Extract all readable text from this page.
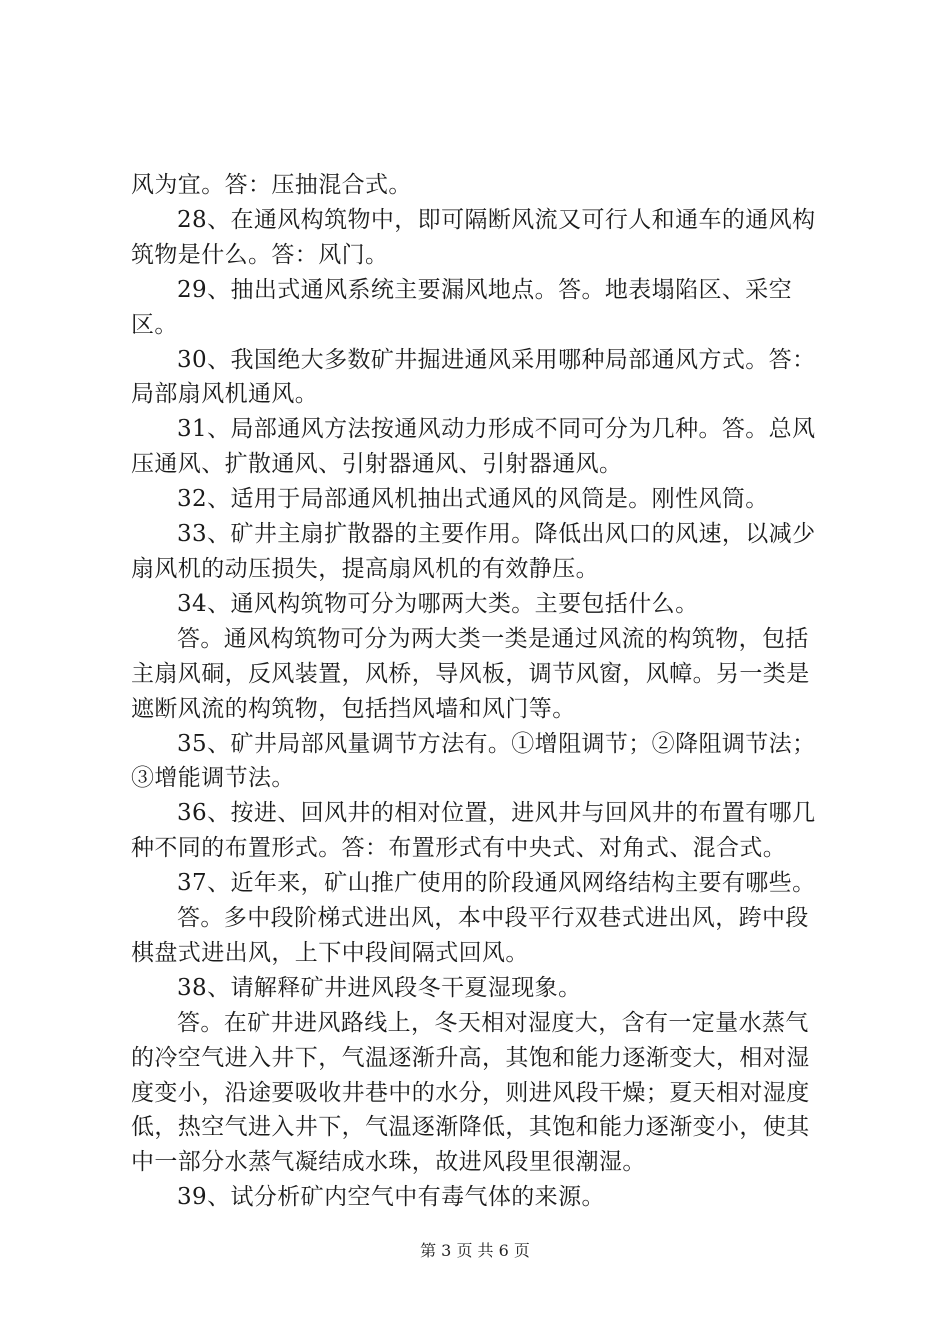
风为宜。答：压抽混合式。

28、在通风构筑物中，即可隔断风流又可行人和通车的通风构筑物是什么。答：风门。

29、抽出式通风系统主要漏风地点。答。地表塌陷区、采空区。

30、我国绝大多数矿井掘进通风采用哪种局部通风方式。答：局部扇风机通风。

31、局部通风方法按通风动力形成不同可分为几种。答。总风压通风、扩散通风、引射器通风、引射器通风。

32、适用于局部通风机抽出式通风的风筒是。刚性风筒。

33、矿井主扇扩散器的主要作用。降低出风口的风速，以减少扇风机的动压损失，提高扇风机的有效静压。

34、通风构筑物可分为哪两大类。主要包括什么。

答。通风构筑物可分为两大类一类是通过风流的构筑物，包括主扇风硐，反风装置，风桥，导风板，调节风窗，风幛。另一类是遮断风流的构筑物，包括挡风墙和风门等。

35、矿井局部风量调节方法有。①增阻调节；②降阻调节法；③增能调节法。

36、按进、回风井的相对位置，进风井与回风井的布置有哪几种不同的布置形式。答：布置形式有中央式、对角式、混合式。

37、近年来，矿山推广使用的阶段通风网络结构主要有哪些。

答。多中段阶梯式进出风，本中段平行双巷式进出风，跨中段棋盘式进出风，上下中段间隔式回风。

38、请解释矿井进风段冬干夏湿现象。

答。在矿井进风路线上，冬天相对湿度大，含有一定量水蒸气的冷空气进入井下，气温逐渐升高，其饱和能力逐渐变大，相对湿度变小，沿途要吸收井巷中的水分，则进风段干燥；夏天相对湿度低，热空气进入井下，气温逐渐降低，其饱和能力逐渐变小，使其中一部分水蒸气凝结成水珠，故进风段里很潮湿。

39、试分析矿内空气中有毒气体的来源。

第 3 页 共 6 页
